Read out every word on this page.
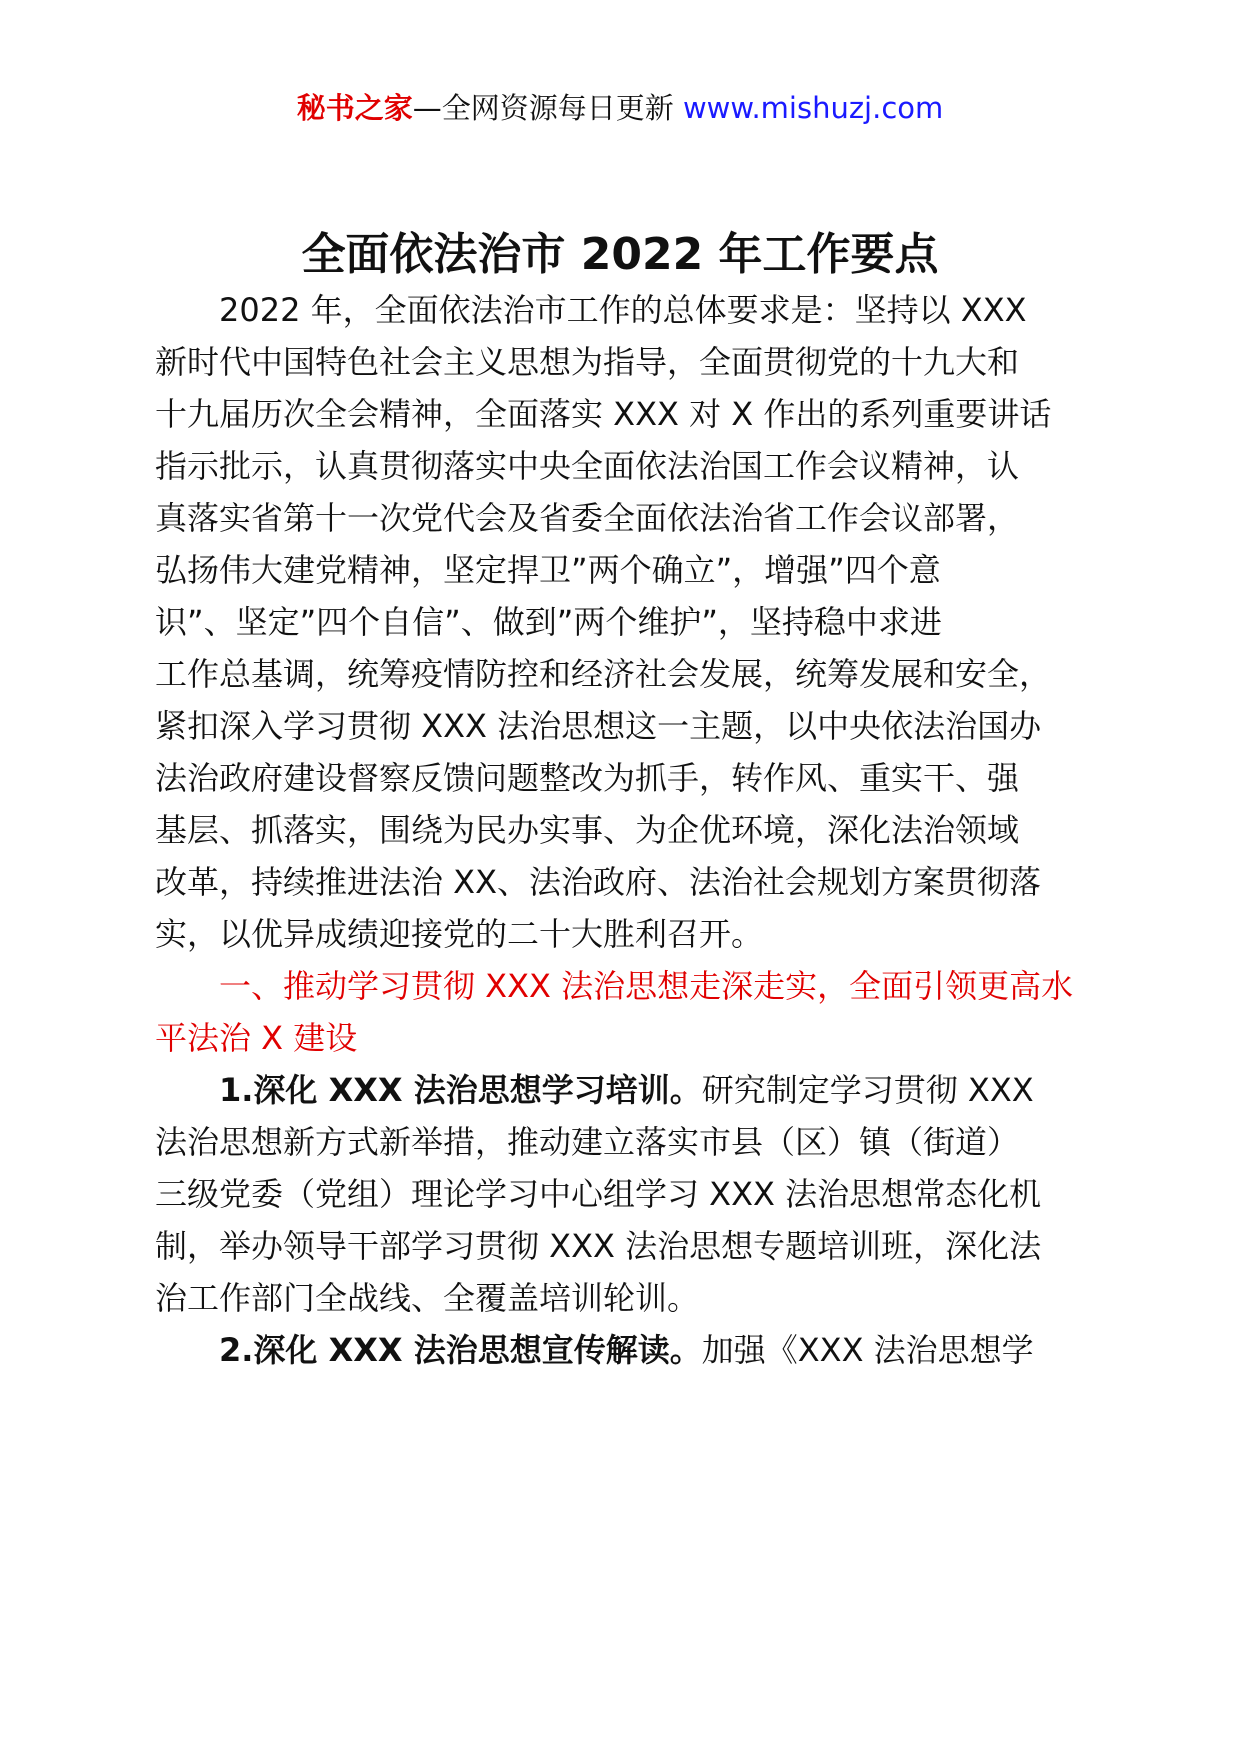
秘书之家—全网资源每日更新 www.mishuzj.com
全面依法治市 2022 年工作要点
2022 年，全面依法治市工作的总体要求是：坚持以 XXX
新时代中国特色社会主义思想为指导，全面贯彻党的十九大和
十九届历次全会精神，全面落实 XXX 对 X 作出的系列重要讲话
指示批示，认真贯彻落实中央全面依法治国工作会议精神，认
真落实省第十一次党代会及省委全面依法治省工作会议部署，
弘扬伟大建党精神，坚定捍卫”两个确立”，增强”四个意
识”、坚定”四个自信”、做到”两个维护”，坚持稳中求进
工作总基调，统筹疫情防控和经济社会发展，统筹发展和安全，
紧扣深入学习贯彻 XXX 法治思想这一主题，以中央依法治国办
法治政府建设督察反馈问题整改为抓手，转作风、重实干、强
基层、抓落实，围绕为民办实事、为企优环境，深化法治领域
改革，持续推进法治 XX、法治政府、法治社会规划方案贯彻落
实，以优异成绩迎接党的二十大胜利召开。
一、推动学习贯彻 XXX 法治思想走深走实，全面引领更高水
平法治 X 建设
1.深化 XXX 法治思想学习培训。研究制定学习贯彻 XXX
法治思想新方式新举措，推动建立落实市县（区）镇（街道）
三级党委（党组）理论学习中心组学习 XXX 法治思想常态化机
制，举办领导干部学习贯彻 XXX 法治思想专题培训班，深化法
治工作部门全战线、全覆盖培训轮训。
2.深化 XXX 法治思想宣传解读。加强《XXX 法治思想学
